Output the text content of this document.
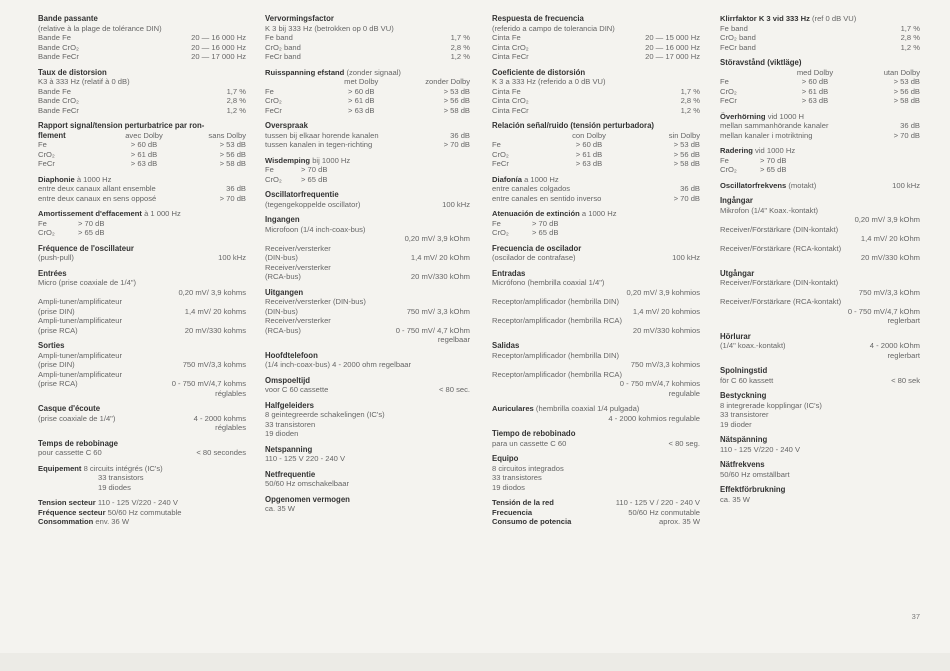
Bande passante
(relative à la plage de tolérance DIN)
Bande Fe	20 — 16 000 Hz
Bande CrO₂	20 — 16 000 Hz
Bande FeCr	20 — 17 000 Hz
Taux de distorsion
K3 à 333 Hz (relatif à 0 dB)
Bande Fe	1,7 %
Bande CrO₂	2,8 %
Bande FeCr	1,2 %
Rapport signal/tension perturbatrice par ron-
flement	avec Dolby	sans Dolby
Fe	> 60 dB	> 53 dB
CrO₂	> 61 dB	> 56 dB
FeCr	> 63 dB	> 58 dB
Diaphonie à 1000 Hz
entre deux canaux allant ensemble	36 dB
entre deux canaux en sens opposé	> 70 dB
Amortissement d'effacement à 1 000 Hz
Fe	> 70 dB
CrO₂	> 65 dB
Fréquence de l'oscillateur
(push-pull)	100 kHz
Entrées
Micro (prise coaxiale de 1/4")
0,20 mV/ 3,9 kohms
Ampli-tuner/amplificateur
(prise DIN)	1,4 mV/ 20 kohms
Ampli-tuner/amplificateur
(prise RCA)	20 mV/330 kohms
Sorties
Ampli-tuner/amplificateur
(prise DIN)	750 mV/3,3 kohms
Ampli-tuner/amplificateur
(prise RCA)	0 - 750 mV/4,7 kohms
réglables
Casque d'écoute
(prise coaxiale de 1/4")	4 - 2000 kohms
réglables
Temps de rebobinage
pour cassette C 60	< 80 secondes
Equipement 8 circuits intégrés (IC's)
33 transistors
19 diodes
Tension secteur 110 - 125 V/220 - 240 V
Fréquence secteur 50/60 Hz commutable
Consommation env. 36 W
Vervormingsfactor
K 3 bij 333 Hz (betrokken op 0 dB VU)
Fe band	1,7 %
CrO₂ band	2,8 %
FeCr band	1,2 %
Ruisspanning efstand (zonder signaal)
met Dolby	zonder Dolby
Fe	> 60 dB	> 53 dB
CrO₂	> 61 dB	> 56 dB
FeCr	> 63 dB	> 58 dB
Overspraak
tussen bij elkaar horende kanalen	36 dB
tussen kanalen in tegen-richting	> 70 dB
Wisdemping bij 1000 Hz
Fe	> 70 dB
CrO₂	> 65 dB
Oscillatorfrequentie
(tegengekoppelde oscillator)	100 kHz
Ingangen
Microfoon (1/4 inch-coax-bus)
0,20 mV/ 3,9 kOhm
Receiver/versterker
(DIN-bus)	1,4 mV/ 20 kOhm
Receiver/versterker
(RCA-bus)	20 mV/330 kOhm
Uitgangen
Receiver/versterker (DIN-bus)
(DIN-bus)	750 mV/ 3,3 kOhm
Receiver/versterker
(RCA-bus)	0 - 750 mV/ 4,7 kOhm
regelbaar
Hoofdtelefoon
(1/4 inch-coax-bus) 4 - 2000 ohm regelbaar
Omspoeltijd
voor C 60 cassette	< 80 sec.
Halfgeleiders
8 geintegreerde schakelingen (IC's)
33 transistoren
19 dioden
Netspanning
110 - 125 V 220 - 240 V
Netfrequentie
50/60 Hz omschakelbaar
Opgenomen vermogen
ca. 35 W
Respuesta de frecuencia
(referido a campo de tolerancia DIN)
Cinta Fe	20 — 15 000 Hz
Cinta CrO₂	20 — 16 000 Hz
Cinta FeCr	20 — 17 000 Hz
Coeficiente de distorsión
K 3 a 333 Hz (referido a 0 dB VU)
Cinta Fe	1,7 %
Cinta CrO₂	2,8 %
Cinta FeCr	1,2 %
Relación señal/ruido (tensión perturbadora)
con Dolby	sin Dolby
Fe	> 60 dB	> 53 dB
CrO₂	> 61 dB	> 56 dB
FeCr	> 63 dB	> 58 dB
Diafonía a 1000 Hz
entre canales colgados	36 dB
entre canales en sentido inverso	> 70 dB
Atenuación de extinción a 1000 Hz
Fe	> 70 dB
CrO₂	> 65 dB
Frecuencia de oscilador
(oscilador de contrafase)	100 kHz
Entradas
Micrófono (hembrilla coaxial 1/4")
0,20 mV/ 3,9 kohmios
Receptor/amplificador (hembrilla DIN)
1,4 mV/ 20 kohmios
Receptor/amplificador (hembrilla RCA)
20 mV/330 kohmios
Salidas
Receptor/amplificador (hembrilla DIN)
750 mV/3,3 kohmios
Receptor/amplificador (hembrilla RCA)
0 - 750 mV/4,7 kohmios
regulable
Auriculares (hembrilla coaxial 1/4 pulgada)
4 - 2000 kohmios regulable
Tiempo de rebobinado
para un cassette C 60	< 80 seg.
Equipo
8 circuitos integrados
33 transistores
19 diodos
Tensión de la red	110 - 125 V / 220 - 240 V
Frecuencia	50/60 Hz conmutable
Consumo de potencia	aprox. 35 W
Klirrfaktor K 3 vid 333 Hz (ref 0 dB VU)
Fe band	1,7 %
CrO₂ band	2,8 %
FeCr band	1,2 %
Störavstånd (viktläge)
med Dolby	utan Dolby
Fe	> 60 dB	> 53 dB
CrO₂	> 61 dB	> 56 dB
FeCr	> 63 dB	> 58 dB
Överhörning vid 1000 H
mellan sammanhörande kanaler	36 dB
mellan kanaler i motriktning	> 70 dB
Radering vid 1000 Hz
Fe	> 70 dB
CrO₂	> 65 dB
Oscillatorfrekvens (motakt)	100 kHz
Ingångar
Mikrofon (1/4" Koax.-kontakt)
0,20 mV/ 3,9 kOhm
Receiver/Förstärkare (DIN-kontakt)
1,4 mV/ 20 kOhm
Receiver/Förstärkare (RCA-kontakt)
20 mV/330 kOhm
Utgångar
Receiver/Förstärkare (DIN-kontakt)
750 mV/3,3 kOhm
Receiver/Förstärkare (RCA-kontakt)
0 - 750 mV/4,7 kOhm
reglerbart
Hörlurar
(1/4" koax.-kontakt)	4 - 2000 kOhm
reglerbart
Spolningstid
för C 60 kassett	< 80 sek
Bestyckning
8 integrerade kopplingar (IC's)
33 transistorer
19 dioder
Nätspänning
110 - 125 V/220 - 240 V
Nätfrekvens
50/60 Hz omställbart
Effektförbrukning
ca. 35 W
37
